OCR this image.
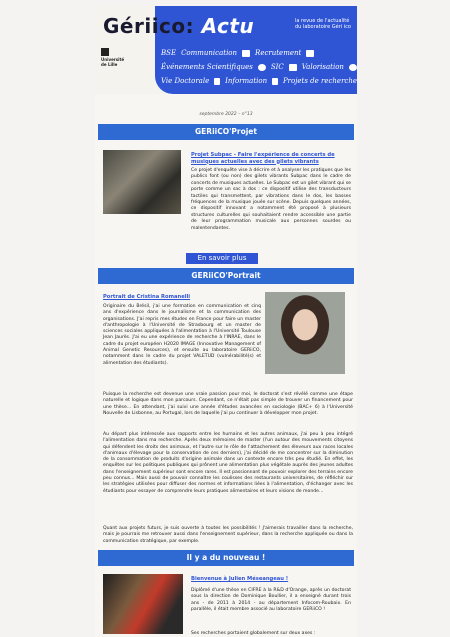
Gériico: Actu
Université de Lille
la revue de l'actualité du laboratoire Géri ico
BSE Communication	Recrutement
Événements Scientifiques	SIC	Valorisation
Vie Doctorale Information Projets de recherche
septembre 2022 – n°13
GERiiCO'Projet
Projet Subpac - Faire l'expérience de concerts de musiques actuelles avec des gilets vibrants
Ce projet d'enquête vise à décrire et à analyser les pratiques que les publics font (ou non) des gilets vibrants Subpac dans le cadre de concerts de musiques actuelles. Le Subpac est un gilet vibrant qui se porte comme un sac à dos : ce dispositif utilise des transducteurs tactiles qui transmettent, par vibrations dans le dos, les basses fréquences de la musique jouée sur scène. Depuis quelques années, ce dispositif innovant a notamment été proposé à plusieurs structures culturelles qui souhaitaient rendre accessible une partie de leur programmation musicale aux personnes sourdes ou malentendantes.
En savoir plus
GERiiCO'Portrait
Portrait de Cristina Romanelli
Originaire du Brésil, j'ai une formation en communication et cinq ans d'expérience dans le journalisme et la communication des organisations. J'ai repris mes études en France pour faire un master d'anthropologie à l'Université de Strasbourg et un master de sciences sociales appliquées à l'alimentation à l'Université Toulouse Jean Jaurès. J'ai eu une expérience de recherche à l'INRAE, dans le cadre du projet européen H2020 IMAGE (Innovative Management of Animal Genetic Resources), et ensuite au laboratoire GERiiCO, notamment dans le cadre du projet VALETUD (vulnérabilité(s) et alimentation des étudiants).
Puisque la recherche est devenue une vraie passion pour moi, le doctorat s'est révélé comme une étape naturelle et logique dans mon parcours. Cependant, ce n'était pas simple de trouver un financement pour une thèse... En attendant, j'ai suivi une année d'études avancées en sociologie (BAC+ 6) à l'Université Nouvelle de Lisbonne, au Portugal, lors de laquelle j'ai pu continuer à développer mon projet.
Au départ plus intéressée aux rapports entre les humains et les autres animaux, j'ai peu à peu intégré l'alimentation dans ma recherche. Après deux mémoires de master (l'un autour des mouvements citoyens qui défendent les droits des animaux, et l'autre sur le rôle de l'attachement des éleveurs aux races locales d'animaux d'élevage pour la conservation de ces derniers), j'ai décidé de me concentrer sur la diminution de la consommation de produits d'origine animale dans un contexte encore très peu étudié. En effet, les enquêtes sur les politiques publiques qui prônent une alimentation plus végétale auprès des jeunes adultes dans l'enseignement supérieur sont encore rares. Il est passionnant de pouvoir explorer des terrains encore peu connus... Mais aussi de pouvoir connaître les coulisses des restaurants universitaires, de réfléchir sur les stratégies utilisées pour diffuser des normes et informations liées à l'alimentation, d'échanger avec les étudiants pour essayer de comprendre leurs pratiques alimentaires et leurs visions de monde...
Quant aux projets futurs, je suis ouverte à toutes les possibilités ! J'aimerais travailler dans la recherche, mais je pourrais me retrouver aussi dans l'enseignement supérieur, dans la recherche appliquée ou dans la communication stratégique, par exemple.
Il y a du nouveau !
Bienvenue à Julien Méseangeau !
Diplômé d'une thèse en CIFRE à la R&D d'Orange, après un doctorat sous la direction de Dominique Boullier, il a enseigné durant trois ans - de 2011 à 2014 - au département Infocom-Roubaix. En parallèle, il était membre associé au laboratoire GERiiCO !
Ses recherches portaient globalement sur deux axes :
